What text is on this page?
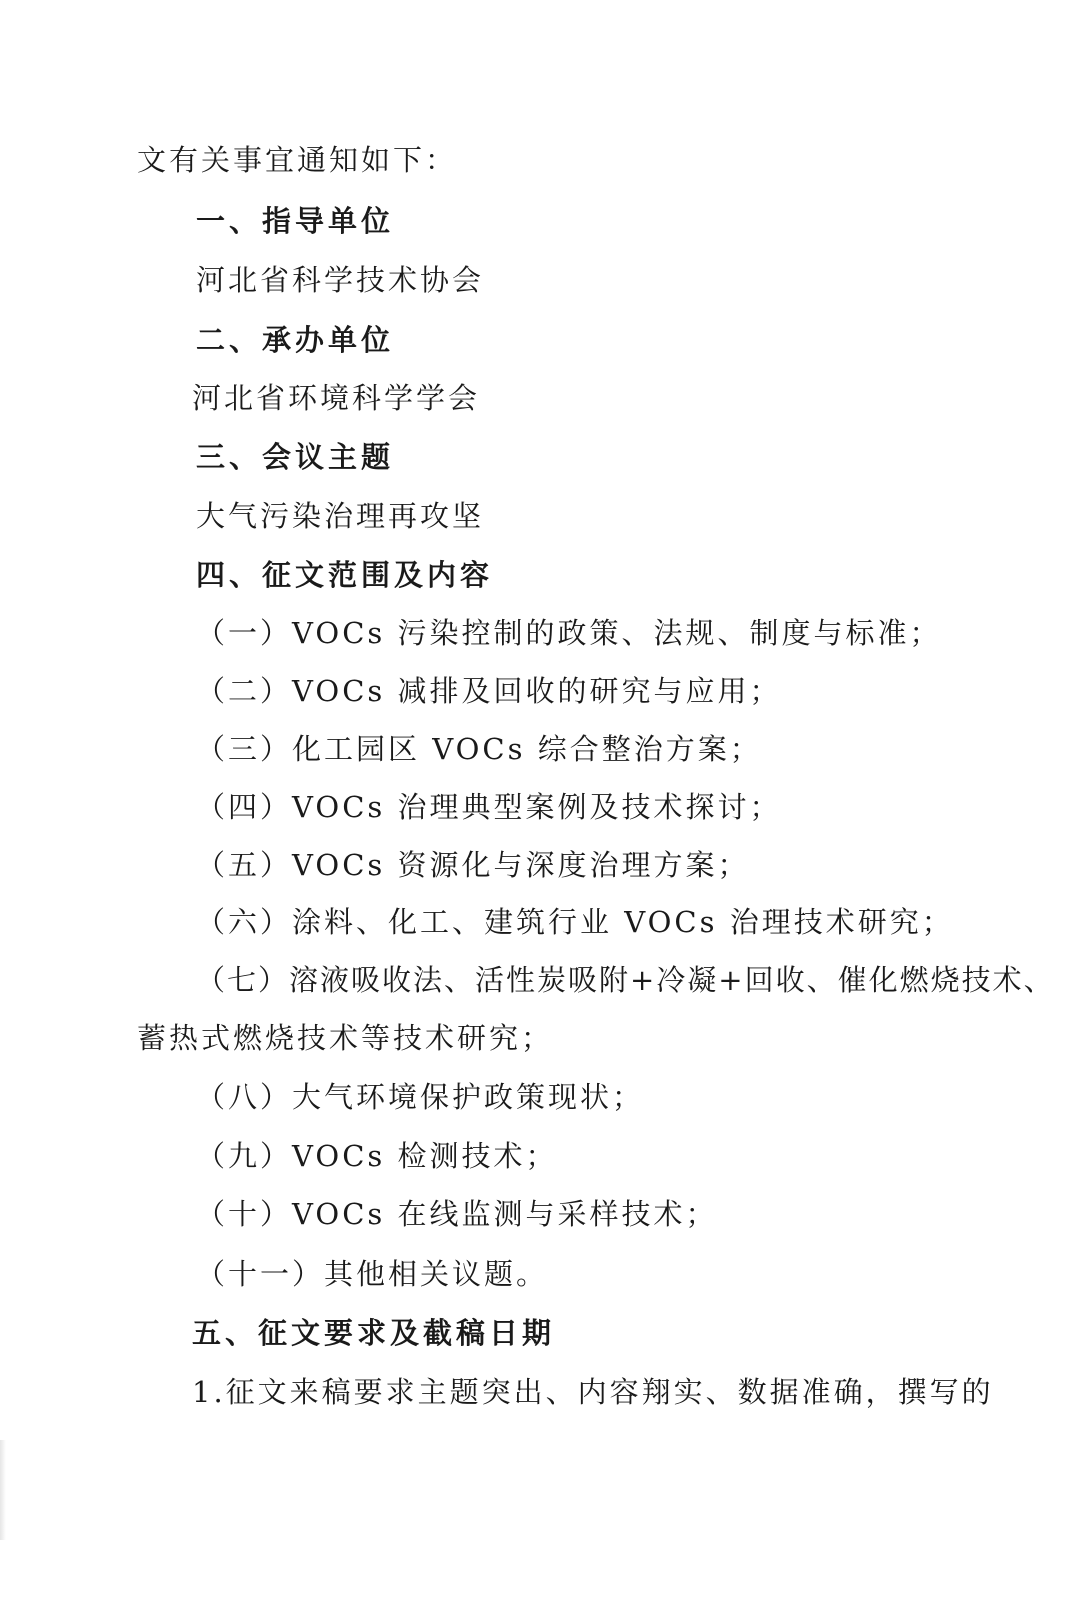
文有关事宜通知如下：
一、指导单位
河北省科学技术协会
二、承办单位
河北省环境科学学会
三、会议主题
大气污染治理再攻坚
四、征文范围及内容
（一）VOCs 污染控制的政策、法规、制度与标准；
（二）VOCs 减排及回收的研究与应用；
（三）化工园区 VOCs 综合整治方案；
（四）VOCs 治理典型案例及技术探讨；
（五）VOCs 资源化与深度治理方案；
（六）涂料、化工、建筑行业 VOCs 治理技术研究；
（七）溶液吸收法、活性炭吸附+冷凝+回收、催化燃烧技术、
蓄热式燃烧技术等技术研究；
（八）大气环境保护政策现状；
（九）VOCs 检测技术；
（十）VOCs 在线监测与采样技术；
（十一）其他相关议题。
五、征文要求及截稿日期
1.征文来稿要求主题突出、内容翔实、数据准确，撰写的
